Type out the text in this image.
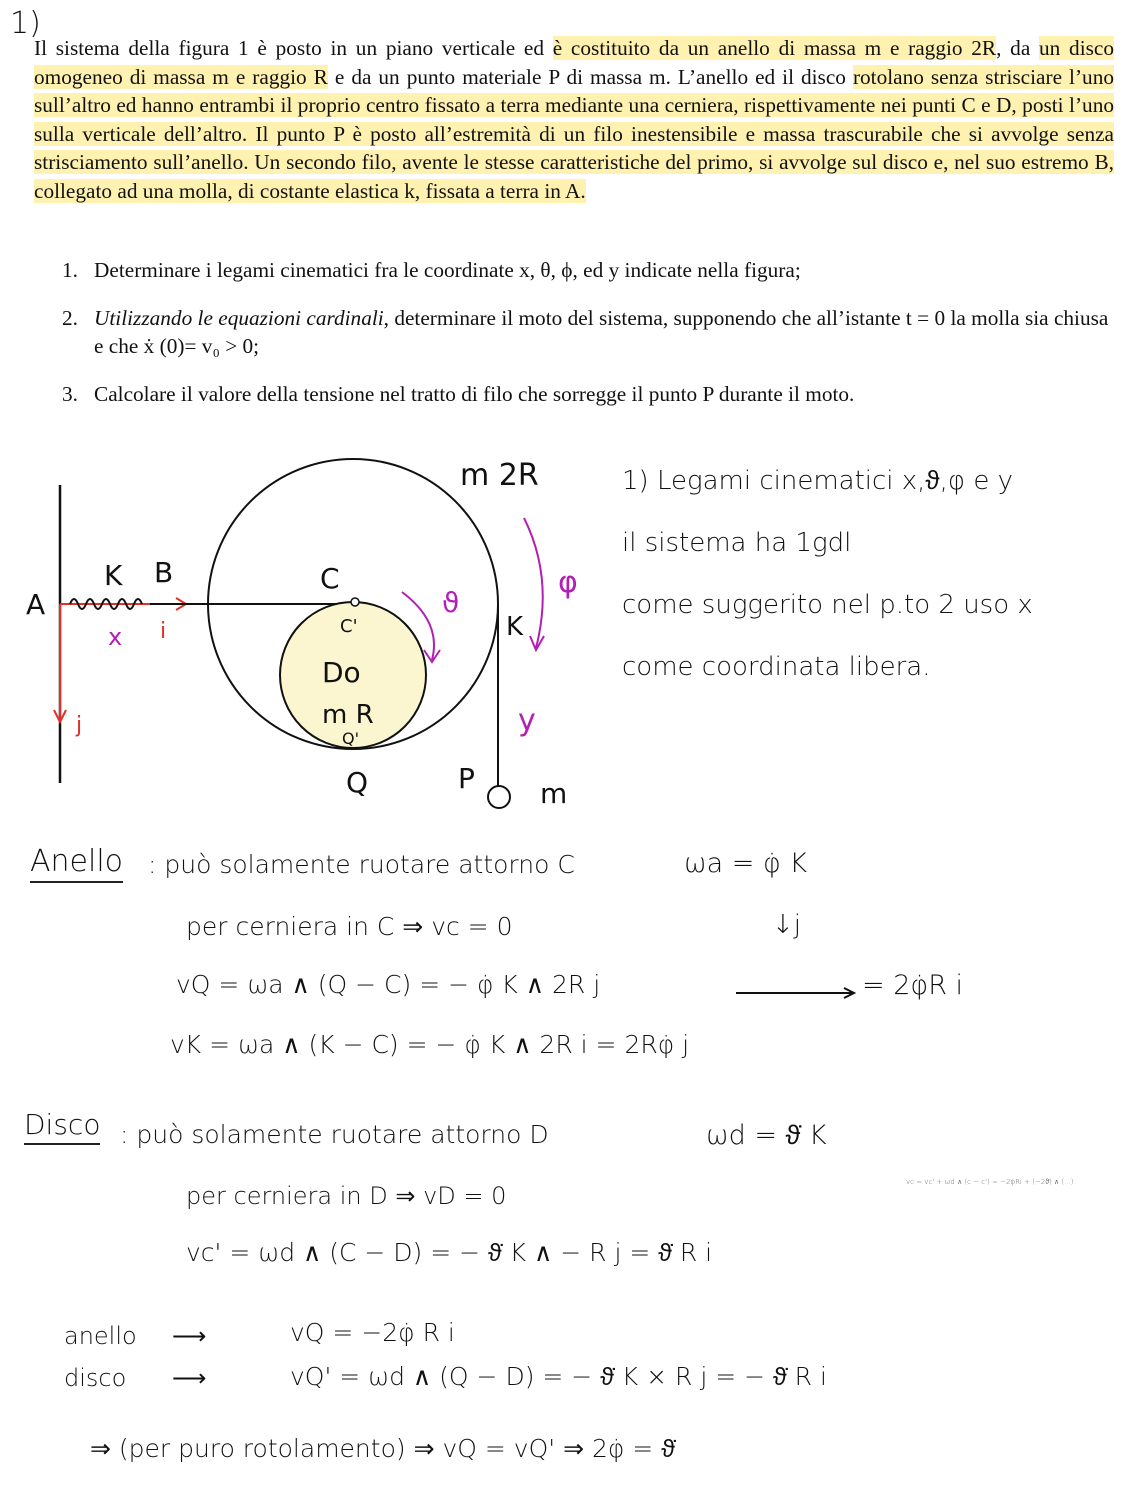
1)
Il sistema della figura 1 è posto in un piano verticale ed è costituito da un anello di massa m e raggio 2R, da un disco omogeneo di massa m e raggio R e da un punto materiale P di massa m. L’anello ed il disco rotolano senza strisciare l’uno sull’altro ed hanno entrambi il proprio centro fissato a terra mediante una cerniera, rispettivamente nei punti C e D, posti l’uno sulla verticale dell’altro. Il punto P è posto all’estremità di un filo inestensibile e massa trascurabile che si avvolge senza strisciamento sull’anello. Un secondo filo, avente le stesse caratteristiche del primo, si avvolge sul disco e, nel suo estremo B, collegato ad una molla, di costante elastica k, fissata a terra in A.
1. Determinare i legami cinematici fra le coordinate x, θ, ϕ, ed y indicate nella figura;
2. Utilizzando le equazioni cardinali, determinare il moto del sistema, supponendo che all’istante t = 0 la molla sia chiusa e che ẋ (0)= v₀ > 0;
3. Calcolare il valore della tensione nel tratto di filo che sorregge il punto P durante il moto.
m 2R
A
K B	C
C'
Do
m R
Q'
Q	P m
K
x i
j
ϑ
φ
y
1) Legami cinematici x,ϑ,φ e y
il sistema ha 1gdl
come suggerito nel p.to 2 uso x
come coordinata libera.
Anello : può solamente ruotare attorno C	ωa = φ̇ K
per cerniera in C ⇒ vc = 0	↓j
vQ = ωa ∧ (Q − C) = − φ̇ K ∧ 2R j	= 2φ̇R i
vK = ωa ∧ (K − C) = − φ̇ K ∧ 2R i = 2Rφ̇ j
Disco : può solamente ruotare attorno D	ωd = ϑ̇ K
vc = vc' + ωd ∧ (c − c') = −2φ̇Ri + (−2ϑ̇) ∧ (...)
per cerniera in D ⇒ vD = 0
vc' = ωd ∧ (C − D) = − ϑ̇ K ∧ − R j = ϑ̇ R i
anello ⟶	vQ = −2φ̇ R i
disco ⟶	vQ' = ωd ∧ (Q − D) = − ϑ̇ K × R j = − ϑ̇ R i
⇒ (per puro rotolamento) ⇒ vQ = vQ' ⇒ 2φ̇ = ϑ̇
